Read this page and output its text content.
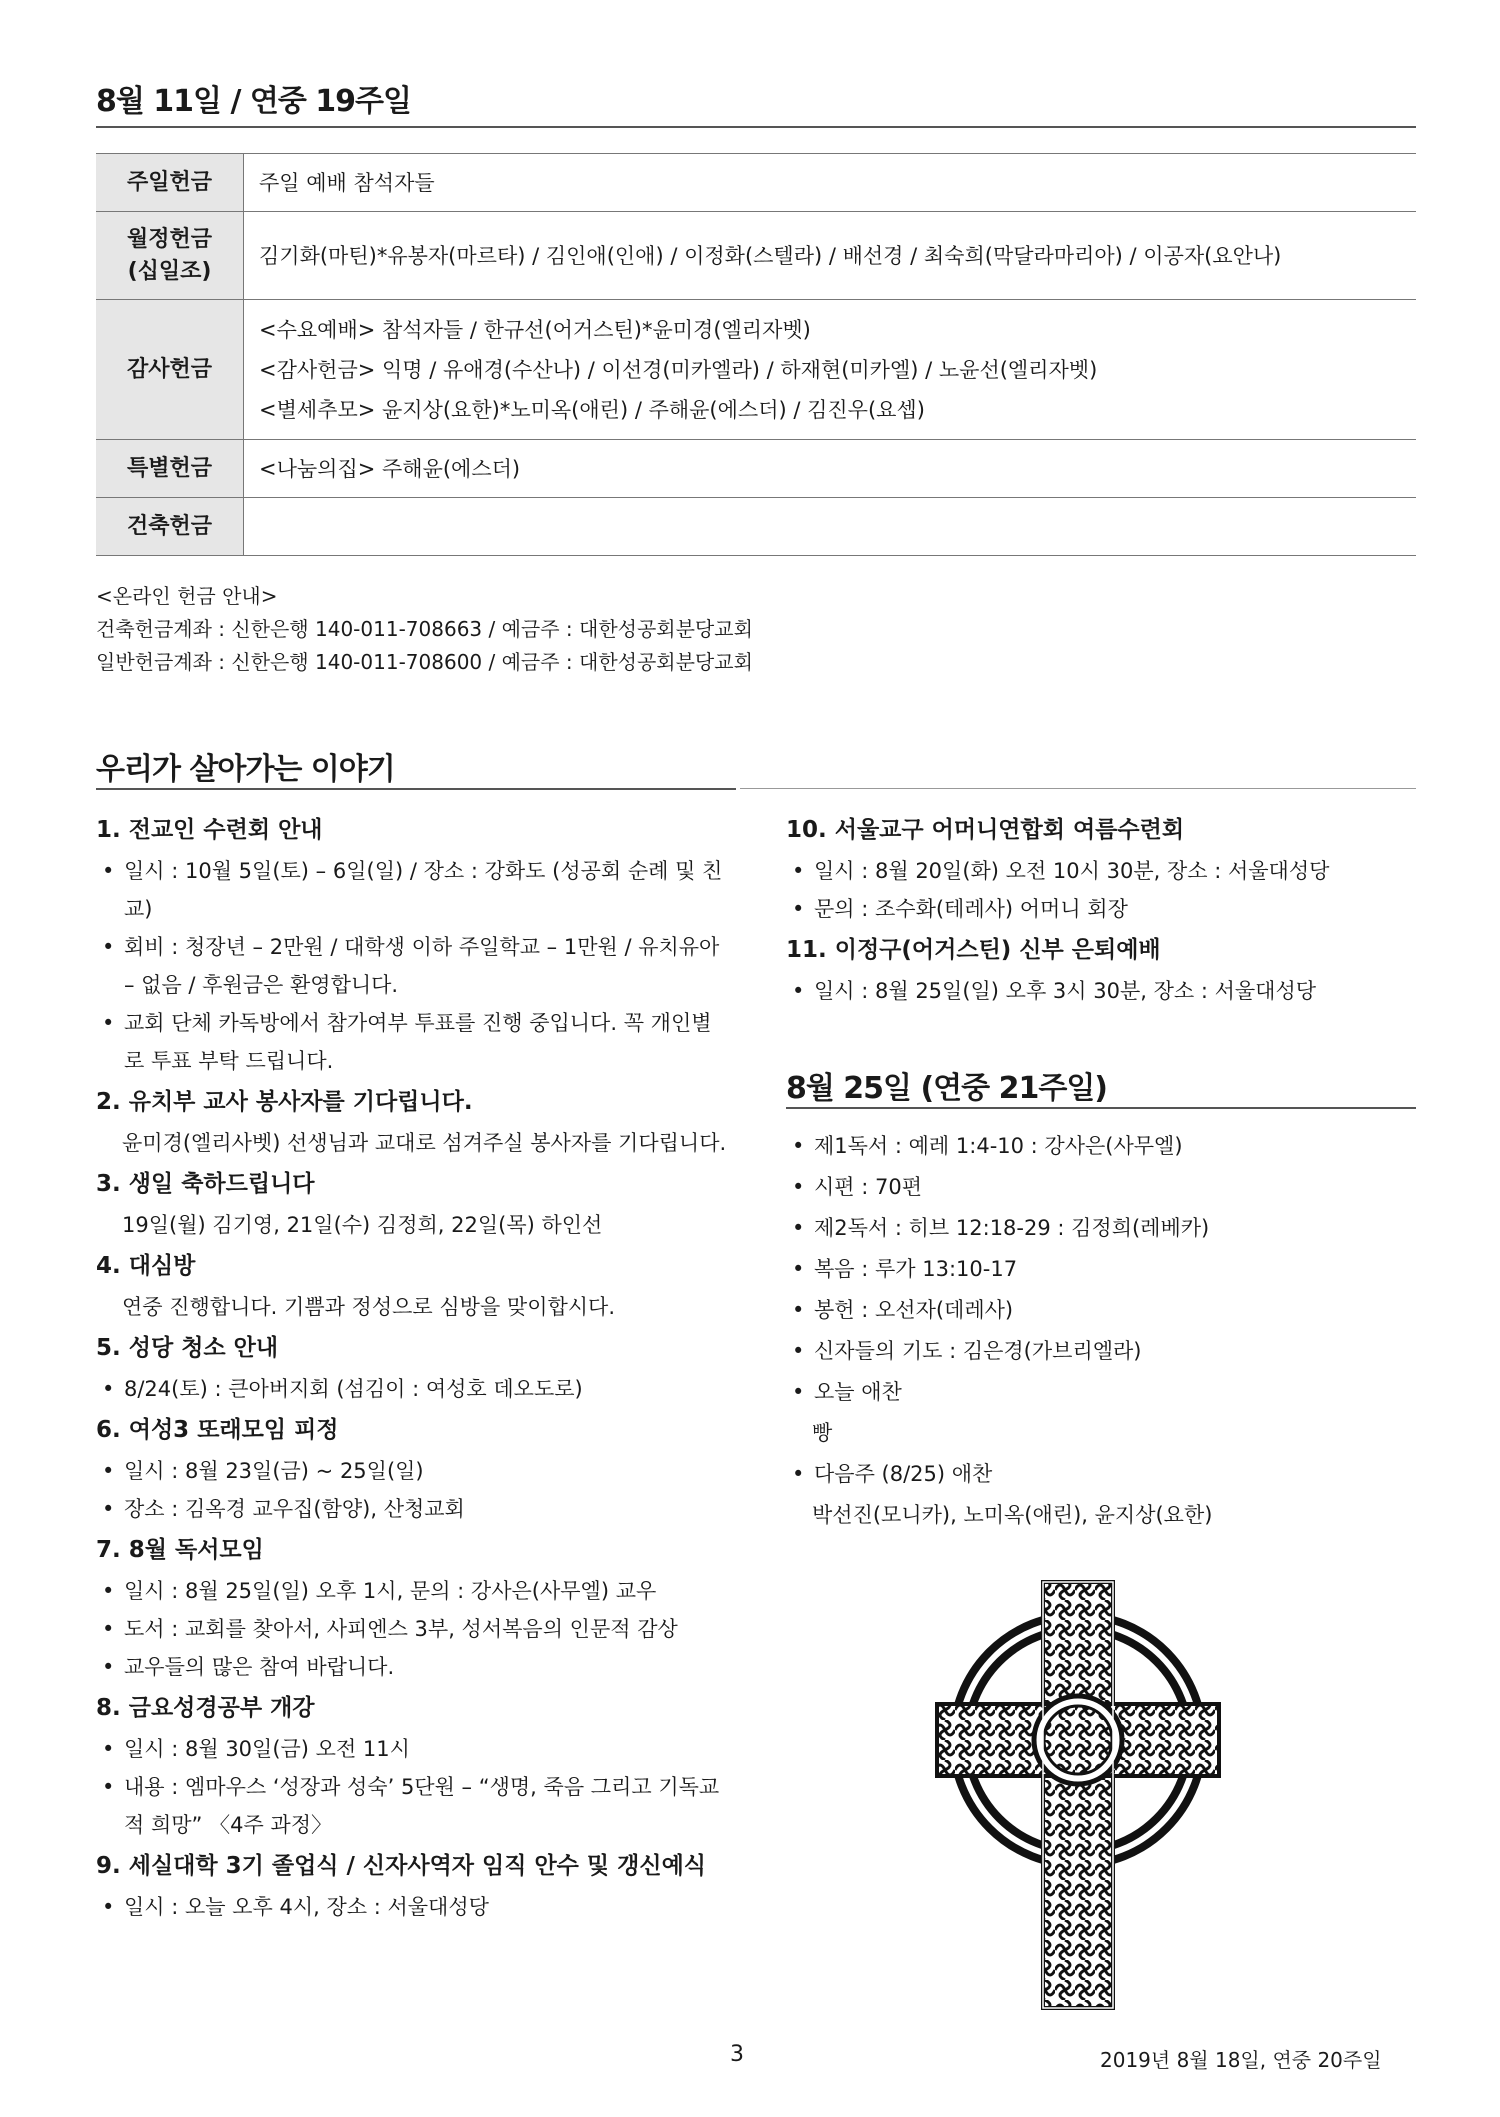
8월 11일 / 연중 19주일
주일헌금	주일 예배 참석자들

월정헌금
(십일조)	김기화(마틴)*유봉자(마르타) / 김인애(인애) / 이정화(스텔라) / 배선경 / 최숙희(막달라마리아) / 이공자(요안나)

감사헌금	<수요예배> 참석자들 / 한규선(어거스틴)*윤미경(엘리자벳)
<감사헌금> 익명 / 유애경(수산나) / 이선경(미카엘라) / 하재현(미카엘) / 노윤선(엘리자벳)
<별세추모> 윤지상(요한)*노미옥(애린) / 주해윤(에스더) / 김진우(요셉)

특별헌금	<나눔의집> 주해윤(에스더)

건축헌금	

<온라인 헌금 안내>
건축헌금계좌 : 신한은행 140-011-708663 / 예금주 : 대한성공회분당교회
일반헌금계좌 : 신한은행 140-011-708600 / 예금주 : 대한성공회분당교회
우리가 살아가는 이야기
1. 전교인 수련회 안내
• 일시 : 10월 5일(토) – 6일(일) / 장소 : 강화도 (성공회 순례 및 친교)
• 회비 : 청장년 – 2만원 / 대학생 이하 주일학교 – 1만원 / 유치유아 – 없음 / 후원금은 환영합니다.
• 교회 단체 카독방에서 참가여부 투표를 진행 중입니다. 꼭 개인별로 투표 부탁 드립니다.
2. 유치부 교사 봉사자를 기다립니다.
윤미경(엘리사벳) 선생님과 교대로 섬겨주실 봉사자를 기다립니다.
3. 생일 축하드립니다
19일(월) 김기영, 21일(수) 김정희, 22일(목) 하인선
4. 대심방
연중 진행합니다. 기쁨과 정성으로 심방을 맞이합시다.
5. 성당 청소 안내
• 8/24(토) : 큰아버지회 (섬김이 : 여성호 데오도로)
6. 여성3 또래모임 피정
• 일시 : 8월 23일(금) ~ 25일(일)
• 장소 : 김옥경 교우집(함양), 산청교회
7. 8월 독서모임
• 일시 : 8월 25일(일) 오후 1시, 문의 : 강사은(사무엘) 교우
• 도서 : 교회를 찾아서, 사피엔스 3부, 성서복음의 인문적 감상
• 교우들의 많은 참여 바랍니다.
8. 금요성경공부 개강
• 일시 : 8월 30일(금) 오전 11시
• 내용 : 엠마우스 ‘성장과 성숙’ 5단원 – “생명, 죽음 그리고 기독교적 희망” 〈4주 과정〉
9. 세실대학 3기 졸업식 / 신자사역자 임직 안수 및 갱신예식
• 일시 : 오늘 오후 4시, 장소 : 서울대성당
10. 서울교구 어머니연합회 여름수련회
• 일시 : 8월 20일(화) 오전 10시 30분, 장소 : 서울대성당
• 문의 : 조수화(테레사) 어머니 회장
11. 이정구(어거스틴) 신부 은퇴예배
• 일시 : 8월 25일(일) 오후 3시 30분, 장소 : 서울대성당
8월 25일 (연중 21주일)
• 제1독서 : 예레 1:4-10 : 강사은(사무엘)
• 시편 : 70편
• 제2독서 : 히브 12:18-29 : 김정희(레베카)
• 복음 : 루가 13:10-17
• 봉헌 : 오선자(데레사)
• 신자들의 기도 : 김은경(가브리엘라)
• 오늘 애찬
빵
• 다음주 (8/25) 애찬
박선진(모니카), 노미옥(애린), 윤지상(요한)
3	2019년 8월 18일, 연중 20주일
